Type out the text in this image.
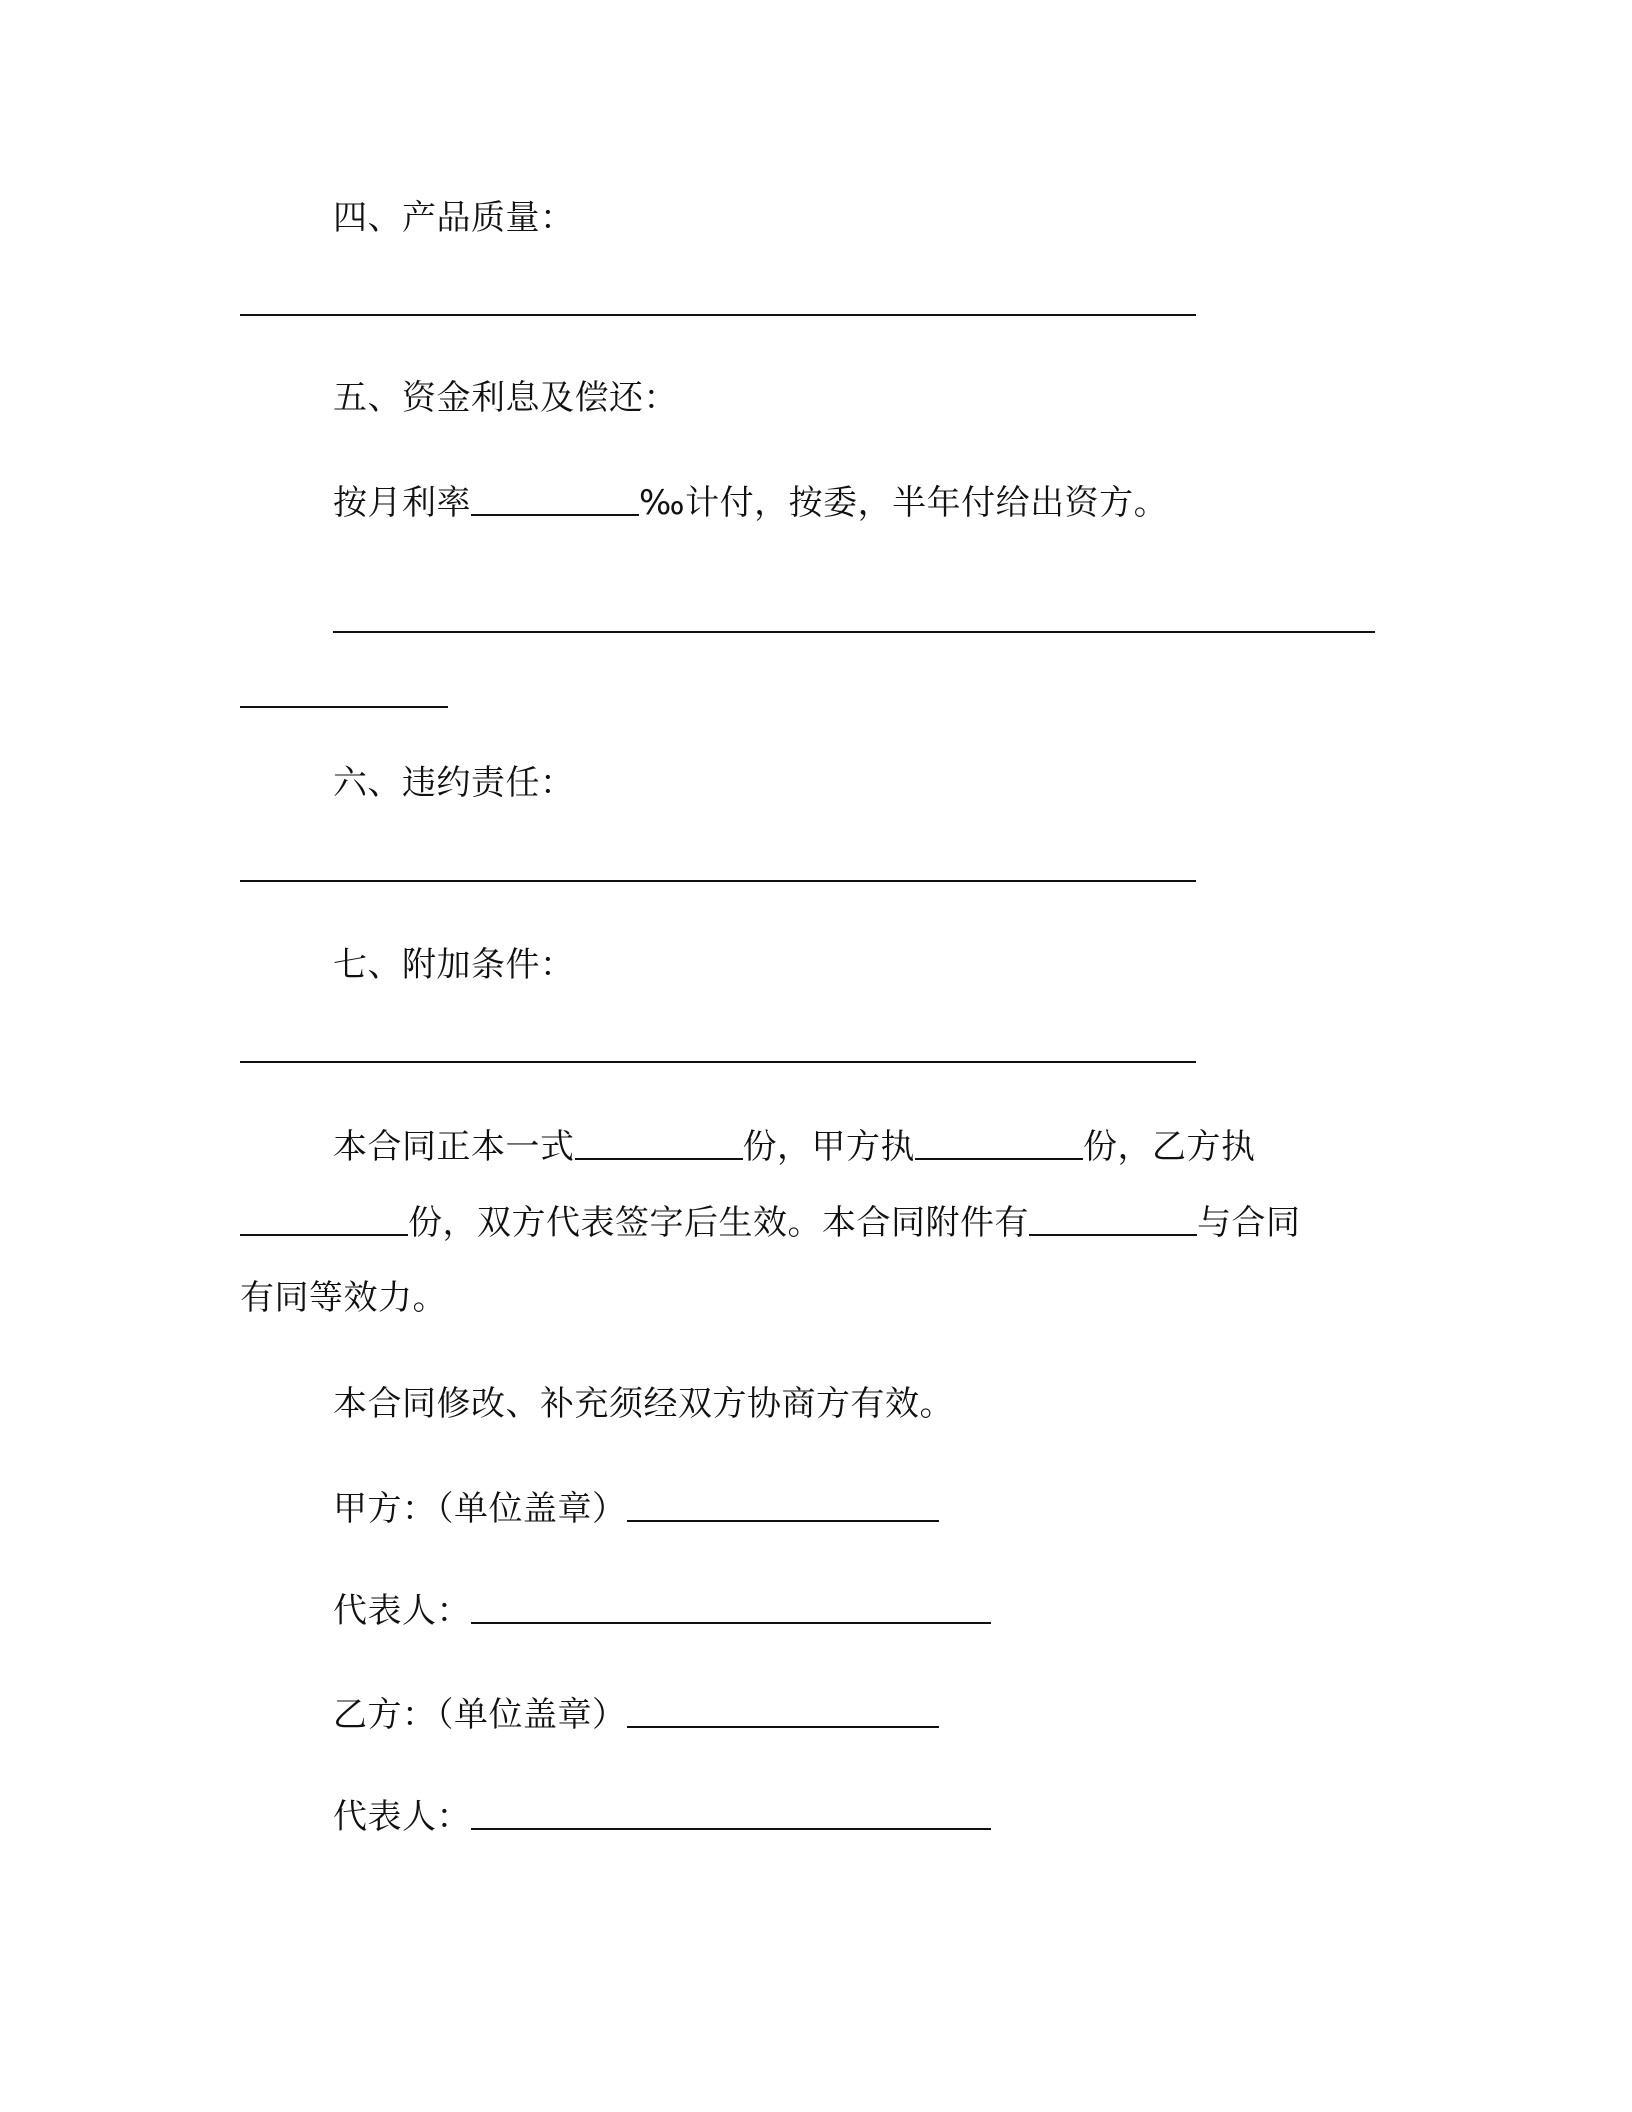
四、产品质量：
五、资金利息及偿还：
按月利率	‰计付，按委，半年付给出资方。
六、违约责任：
七、附加条件：
本合同正本一式	份，甲方执	份，乙方执
份，双方代表签字后生效。本合同附件有	与合同
有同等效力。
本合同修改、补充须经双方协商方有效。
甲方：（单位盖章）
代表人：
乙方：（单位盖章）
代表人：
